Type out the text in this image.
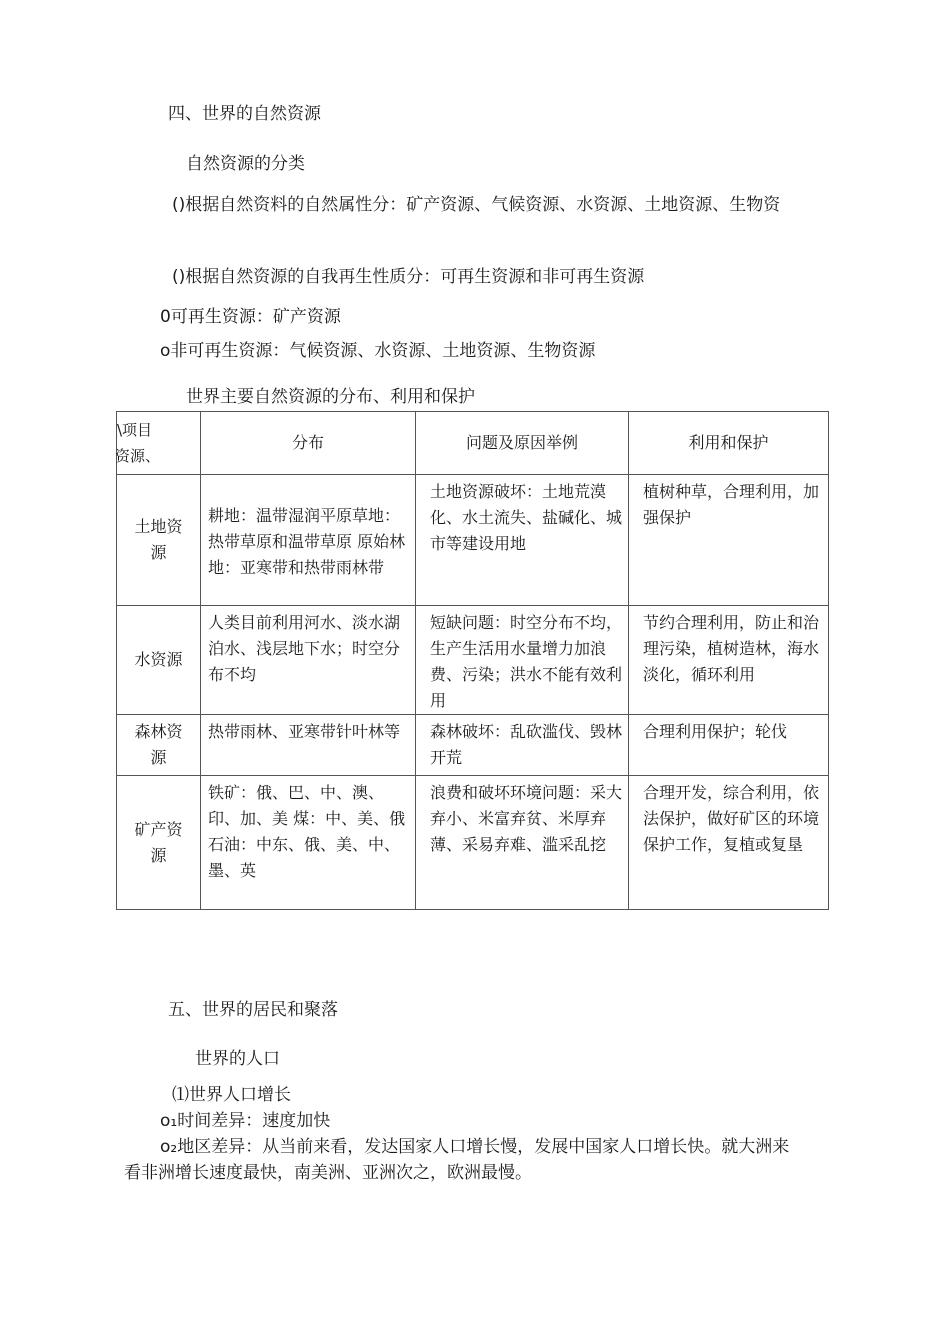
四、世界的自然资源
自然资源的分类
()根据自然资料的自然属性分：矿产资源、气候资源、水资源、土地资源、生物资
()根据自然资源的自我再生性质分：可再生资源和非可再生资源
0可再生资源：矿产资源
o非可再生资源：气候资源、水资源、土地资源、生物资源
世界主要自然资源的分布、利用和保护
\项目
资源、	分布	问题及原因举例	利用和保护

土地资源	耕地：温带湿润平原草地：热带草原和温带草原 原始林地：亚寒带和热带雨林带	土地资源破坏：土地荒漠化、水土流失、盐碱化、城市等建设用地	植树种草，合理利用，加强保护

水资源	人类目前利用河水、淡水湖泊水、浅层地下水；时空分布不均	短缺问题：时空分布不均，生产生活用水量增力加浪费、污染；洪水不能有效利用	节约合理利用，防止和治理污染，植树造林，海水淡化，循环利用

森林资源	热带雨林、亚寒带针叶林等	森林破坏：乱砍滥伐、毁林开荒	合理利用保护；轮伐

矿产资源	铁矿：俄、巴、中、澳、印、加、美 煤：中、美、俄石油：中东、俄、美、中、墨、英	浪费和破坏环境问题：采大弃小、米富弃贫、米厚弃薄、采易弃难、滥采乱挖	合理开发，综合利用，依法保护，做好矿区的环境保护工作，复植或复垦
五、世界的居民和聚落
世界的人口
⑴世界人口增长
o₁时间差异：速度加快
o₂地区差异：从当前来看，发达国家人口增长慢，发展中国家人口增长快。就大洲来
看非洲增长速度最快，南美洲、亚洲次之，欧洲最慢。
